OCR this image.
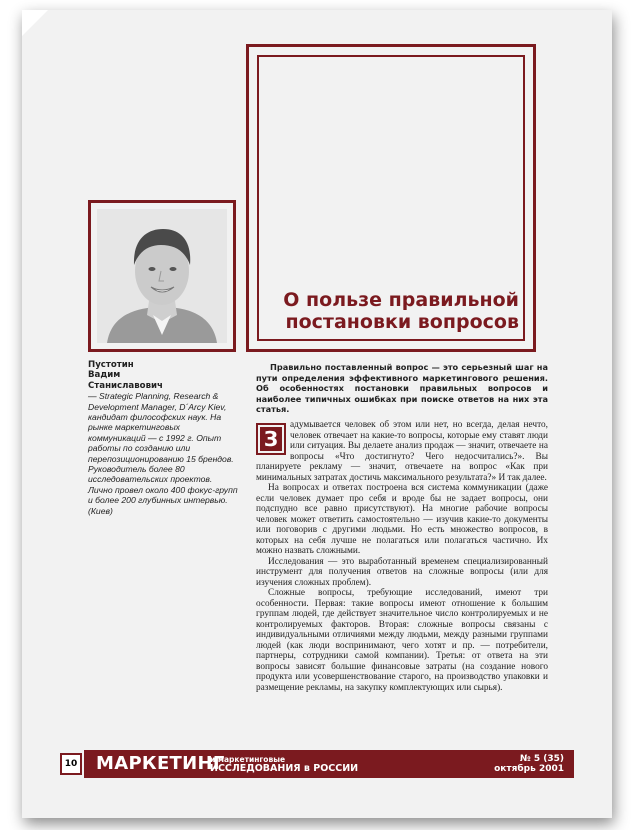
О пользе правильной
постановки вопросов
Пустотин
Вадим
Станиславович
— Strategic Planning, Research & Development Manager, D´Arcy Kiev, кандидат философских наук. На рынке маркетинговых коммуникаций — с 1992 г. Опыт работы по созданию или перепозиционированию 15 брендов. Руководитель более 80 исследовательских проектов. Лично провел около 400 фокус-групп и более 200 глубинных интервью.
(Киев)
Правильно поставленный вопрос — это серьезный шаг на пути определения эффективного маркетингового решения. Об особенностях постановки правильных вопросов и наиболее типичных ошибках при поиске ответов на них эта статья.
З

адумывается человек об этом или нет, но всегда, делая нечто, человек отвечает на какие-то вопросы, которые ему ставят люди или ситуация. Вы делаете анализ продаж — значит, отвечаете на вопросы «Что достигнуто? Чего недосчитались?». Вы планируете рекламу — значит, отвечаете на вопрос «Как при минимальных затратах достичь максимального результата?» И так далее.

На вопросах и ответах построена вся система коммуникации (даже если человек думает про себя и вроде бы не задает вопросы, они подспудно все равно присутствуют). На многие рабочие вопросы человек может ответить самостоятельно — изучив какие-то документы или поговорив с другими людьми. Но есть множество вопросов, в которых на себя лучше не полагаться или полагаться частично. Их можно назвать сложными.

Исследования — это выработанный временем специализированный инструмент для получения ответов на сложные вопросы (или для изучения сложных проблем).

Сложные вопросы, требующие исследований, имеют три особенности. Первая: такие вопросы имеют отношение к большим группам людей, где действует значительное число контролируемых и не контролируемых факторов. Вторая: сложные вопросы связаны с индивидуальными отличиями между людьми, между разными группами людей (как люди воспринимают, чего хотят и пр. — потребители, партнеры, сотрудники самой компании). Третья: от ответа на эти вопросы зависят большие финансовые затраты (на создание нового продукта или усовершенствование старого, на производство упаковки и размещение рекламы, на закупку комплектующих или сырья).

10 МАРКЕТИНГ
и маркетинговые
ИССЛЕДОВАНИЯ в РОССИИ
№ 5 (35)
октябрь 2001
